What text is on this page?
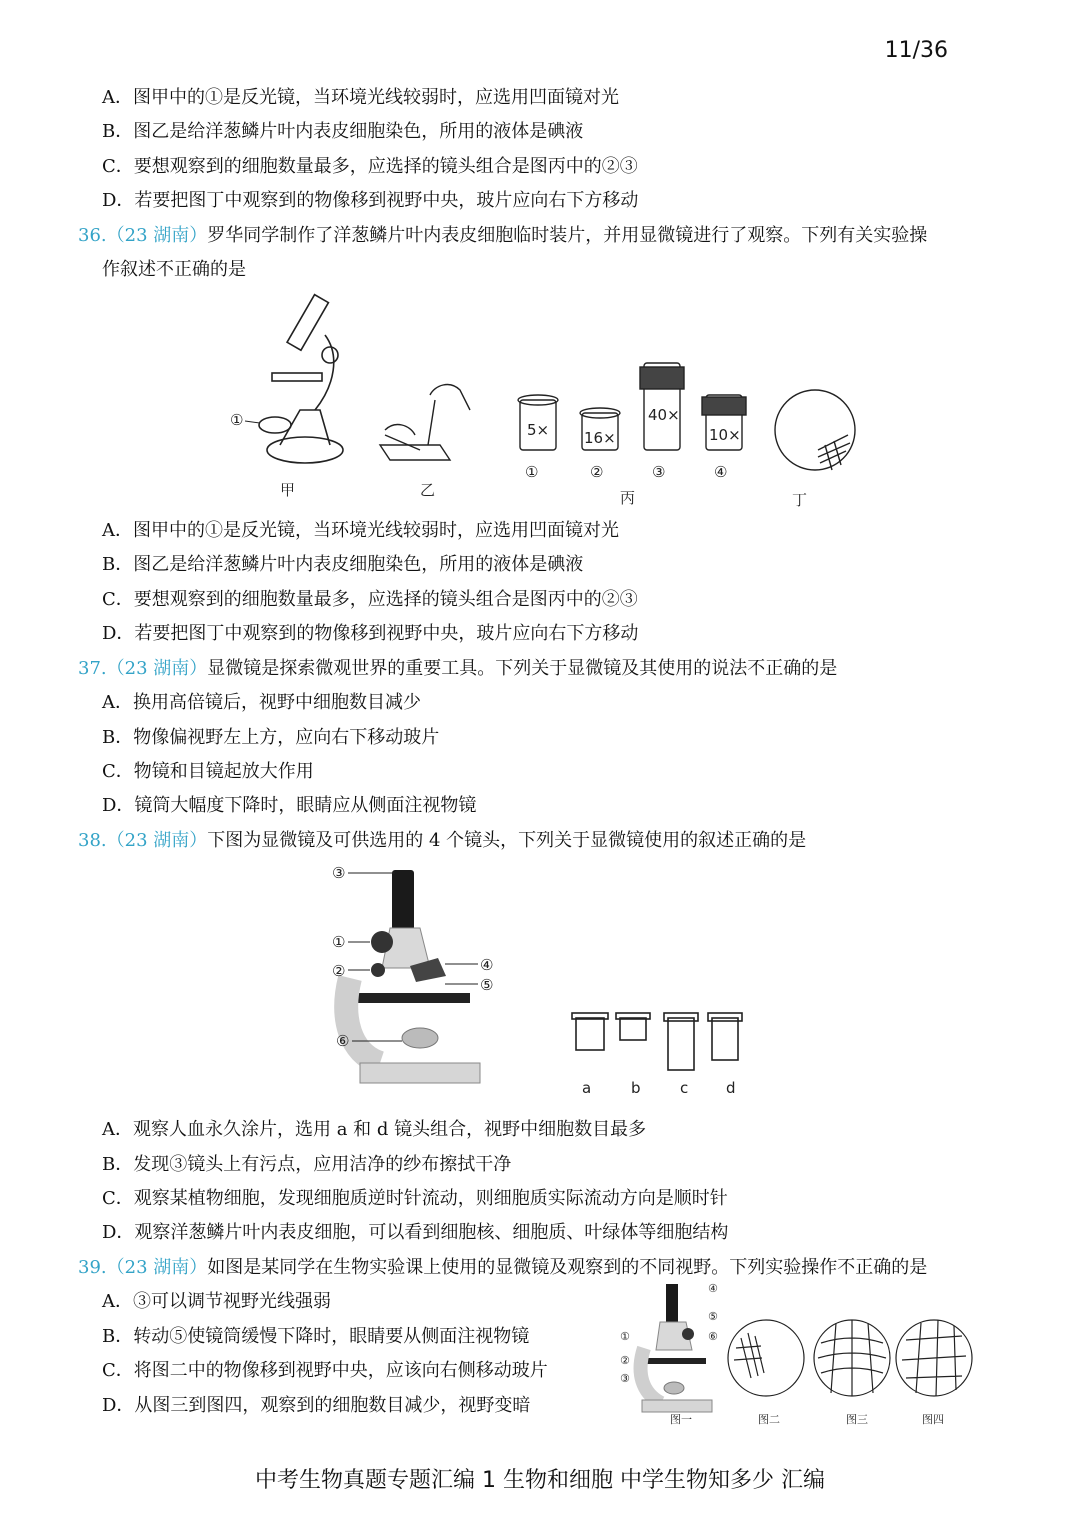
11/36
A．图甲中的①是反光镜，当环境光线较弱时，应选用凹面镜对光
B．图乙是给洋葱鳞片叶内表皮细胞染色，所用的液体是碘液
C．要想观察到的细胞数量最多，应选择的镜头组合是图丙中的②③
D．若要把图丁中观察到的物像移到视野中央，玻片应向右下方移动
36.（23 湖南）罗华同学制作了洋葱鳞片叶内表皮细胞临时装片，并用显微镜进行了观察。下列有关实验操
作叙述不正确的是
①
甲	乙
5×
①
16×
②
40×
③
10×
④
丙	丁
A．图甲中的①是反光镜，当环境光线较弱时，应选用凹面镜对光
B．图乙是给洋葱鳞片叶内表皮细胞染色，所用的液体是碘液
C．要想观察到的细胞数量最多，应选择的镜头组合是图丙中的②③
D．若要把图丁中观察到的物像移到视野中央，玻片应向右下方移动
37.（23 湖南）显微镜是探索微观世界的重要工具。下列关于显微镜及其使用的说法不正确的是
A．换用高倍镜后，视野中细胞数目减少
B．物像偏视野左上方，应向右下移动玻片
C．物镜和目镜起放大作用
D．镜筒大幅度下降时，眼睛应从侧面注视物镜
38.（23 湖南）下图为显微镜及可供选用的 4 个镜头，下列关于显微镜使用的叙述正确的是
③
①
②	④
⑤
⑥
a	b	c	d
A．观察人血永久涂片，选用 a 和 d 镜头组合，视野中细胞数目最多
B．发现③镜头上有污点，应用洁净的纱布擦拭干净
C．观察某植物细胞，发现细胞质逆时针流动，则细胞质实际流动方向是顺时针
D．观察洋葱鳞片叶内表皮细胞，可以看到细胞核、细胞质、叶绿体等细胞结构
39.（23 湖南）如图是某同学在生物实验课上使用的显微镜及观察到的不同视野。下列实验操作不正确的是
A．③可以调节视野光线强弱
B．转动⑤使镜筒缓慢下降时，眼睛要从侧面注视物镜
C．将图二中的物像移到视野中央，应该向右侧移动玻片
D．从图三到图四，观察到的细胞数目减少，视野变暗
④
⑤
⑥
①
②
③
图一	图二	图三	图四
中考生物真题专题汇编 1 生物和细胞 中学生物知多少 汇编
